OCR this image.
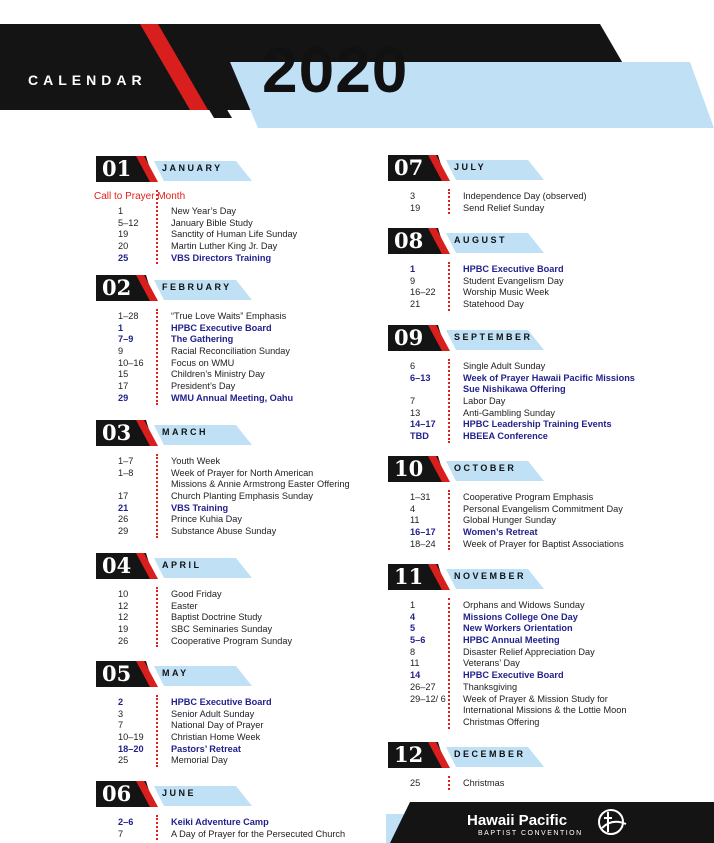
CALENDAR 2020
01	JANUARY
Call to Prayer Month
1	New Year’s Day
5–12	January Bible Study
19	Sanctity of Human Life Sunday
20	Martin Luther King Jr. Day
25	VBS Directors Training
02	FEBRUARY
1–28	“True Love Waits” Emphasis
1	HPBC Executive Board
7–9	The Gathering
9	Racial Reconciliation Sunday
10–16	Focus on WMU
15	Children’s Ministry Day
17	President’s Day
29	WMU Annual Meeting, Oahu
03	MARCH
1–7	Youth Week
1–8	Week of Prayer for North American
Missions & Annie Armstrong Easter Offering
17	Church Planting Emphasis Sunday
21	VBS Training
26	Prince Kuhia Day
29	Substance Abuse Sunday
04	APRIL
10	Good Friday
12	Easter
12	Baptist Doctrine Study
19	SBC Seminaries Sunday
26	Cooperative Program Sunday
05	MAY
2	HPBC Executive Board
3	Senior Adult Sunday
7	National Day of Prayer
10–19	Christian Home Week
18–20	Pastors’ Retreat
25	Memorial Day
06	JUNE
2–6	Keiki Adventure Camp
7	A Day of Prayer for the Persecuted Church
07	JULY
3	Independence Day (observed)
19	Send Relief Sunday
08	AUGUST
1	HPBC Executive Board
9	Student Evangelism Day
16–22	Worship Music Week
21	Statehood Day
09	SEPTEMBER
6	Single Adult Sunday
6–13	Week of Prayer Hawaii Pacific Missions
Sue Nishikawa Offering
7	Labor Day
13	Anti-Gambling Sunday
14–17	HPBC Leadership Training Events
TBD	HBEEA Conference
10	OCTOBER
1–31	Cooperative Program Emphasis
4	Personal Evangelism Commitment Day
11	Global Hunger Sunday
16–17	Women’s Retreat
18–24	Week of Prayer for Baptist Associations
11	NOVEMBER
1	Orphans and Widows Sunday
4	Missions College One Day
5	New Workers Orientation
5–6	HPBC Annual Meeting
8	Disaster Relief Appreciation Day
11	Veterans’ Day
14	HPBC Executive Board
26–27	Thanksgiving
29–12/ 6 Week of Prayer & Mission Study for
International Missions & the Lottie Moon
Christmas Offering
12	DECEMBER
25	Christmas
Hawaii Pacific
BAPTIST CONVENTION
